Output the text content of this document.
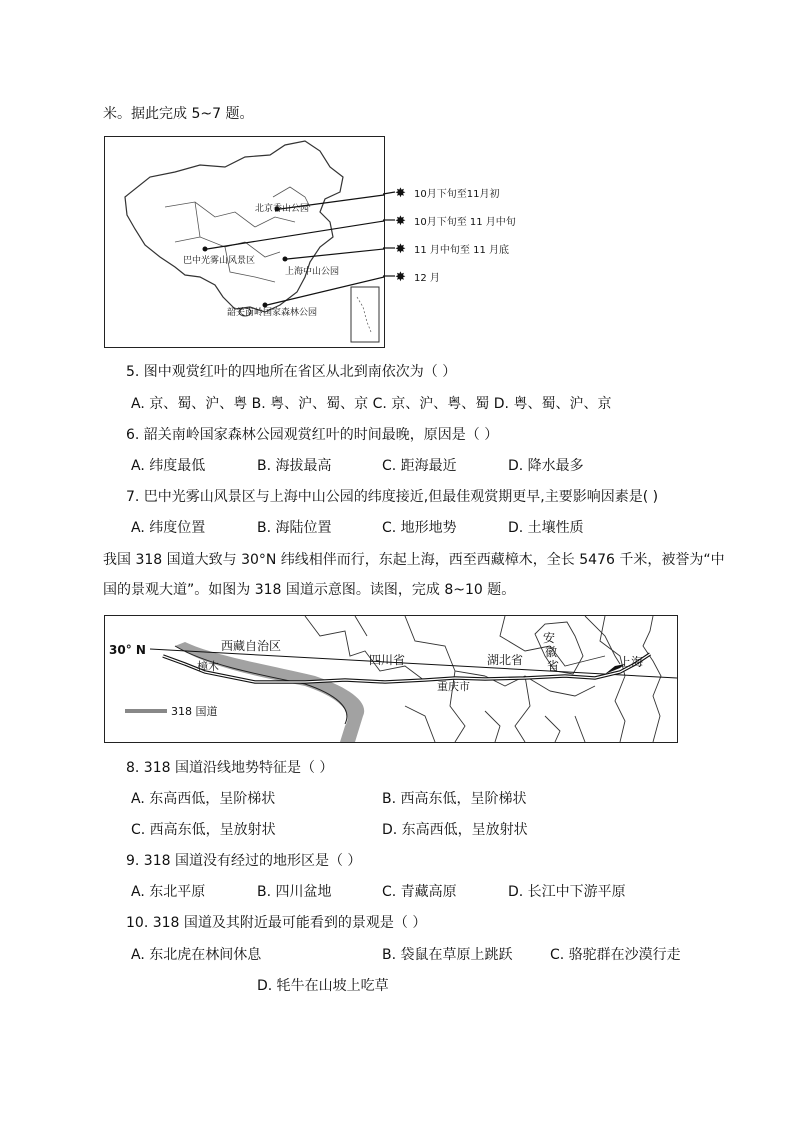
米。据此完成 5~7 题。
北京香山公园
巴中光雾山风景区
上海中山公园
韶关南岭国家森林公园
✸
✸
✸
✸
10月下旬至11月初
10月下旬至 11 月中旬
11 月中旬至 11 月底
12 月
5. 图中观赏红叶的四地所在省区从北到南依次为（ ）
A. 京、蜀、沪、粤 B. 粤、沪、蜀、京 C. 京、沪、粤、蜀 D. 粤、蜀、沪、京
6. 韶关南岭国家森林公园观赏红叶的时间最晚，原因是（ ）
A. 纬度最低	B. 海拔最高	C. 距海最近	D. 降水最多
7. 巴中光雾山风景区与上海中山公园的纬度接近,但最佳观赏期更早,主要影响因素是( )
A. 纬度位置	B. 海陆位置	C. 地形地势	D. 土壤性质
我国 318 国道大致与 30°N 纬线相伴而行，东起上海，西至西藏樟木，全长 5476 千米，被誉为“中
国的景观大道”。如图为 318 国道示意图。读图，完成 8~10 题。
30° N	西藏自治区
四川省	湖北省
安
徽
省	上海
樟木
重庆市
318 国道
8. 318 国道沿线地势特征是（ ）
A. 东高西低，呈阶梯状	B. 西高东低，呈阶梯状
C. 西高东低，呈放射状	D. 东高西低，呈放射状
9. 318 国道没有经过的地形区是（ ）
A. 东北平原	B. 四川盆地	C. 青藏高原	D. 长江中下游平原
10. 318 国道及其附近最可能看到的景观是（ ）
A. 东北虎在林间休息	B. 袋鼠在草原上跳跃	C. 骆驼群在沙漠行走
D. 牦牛在山坡上吃草
